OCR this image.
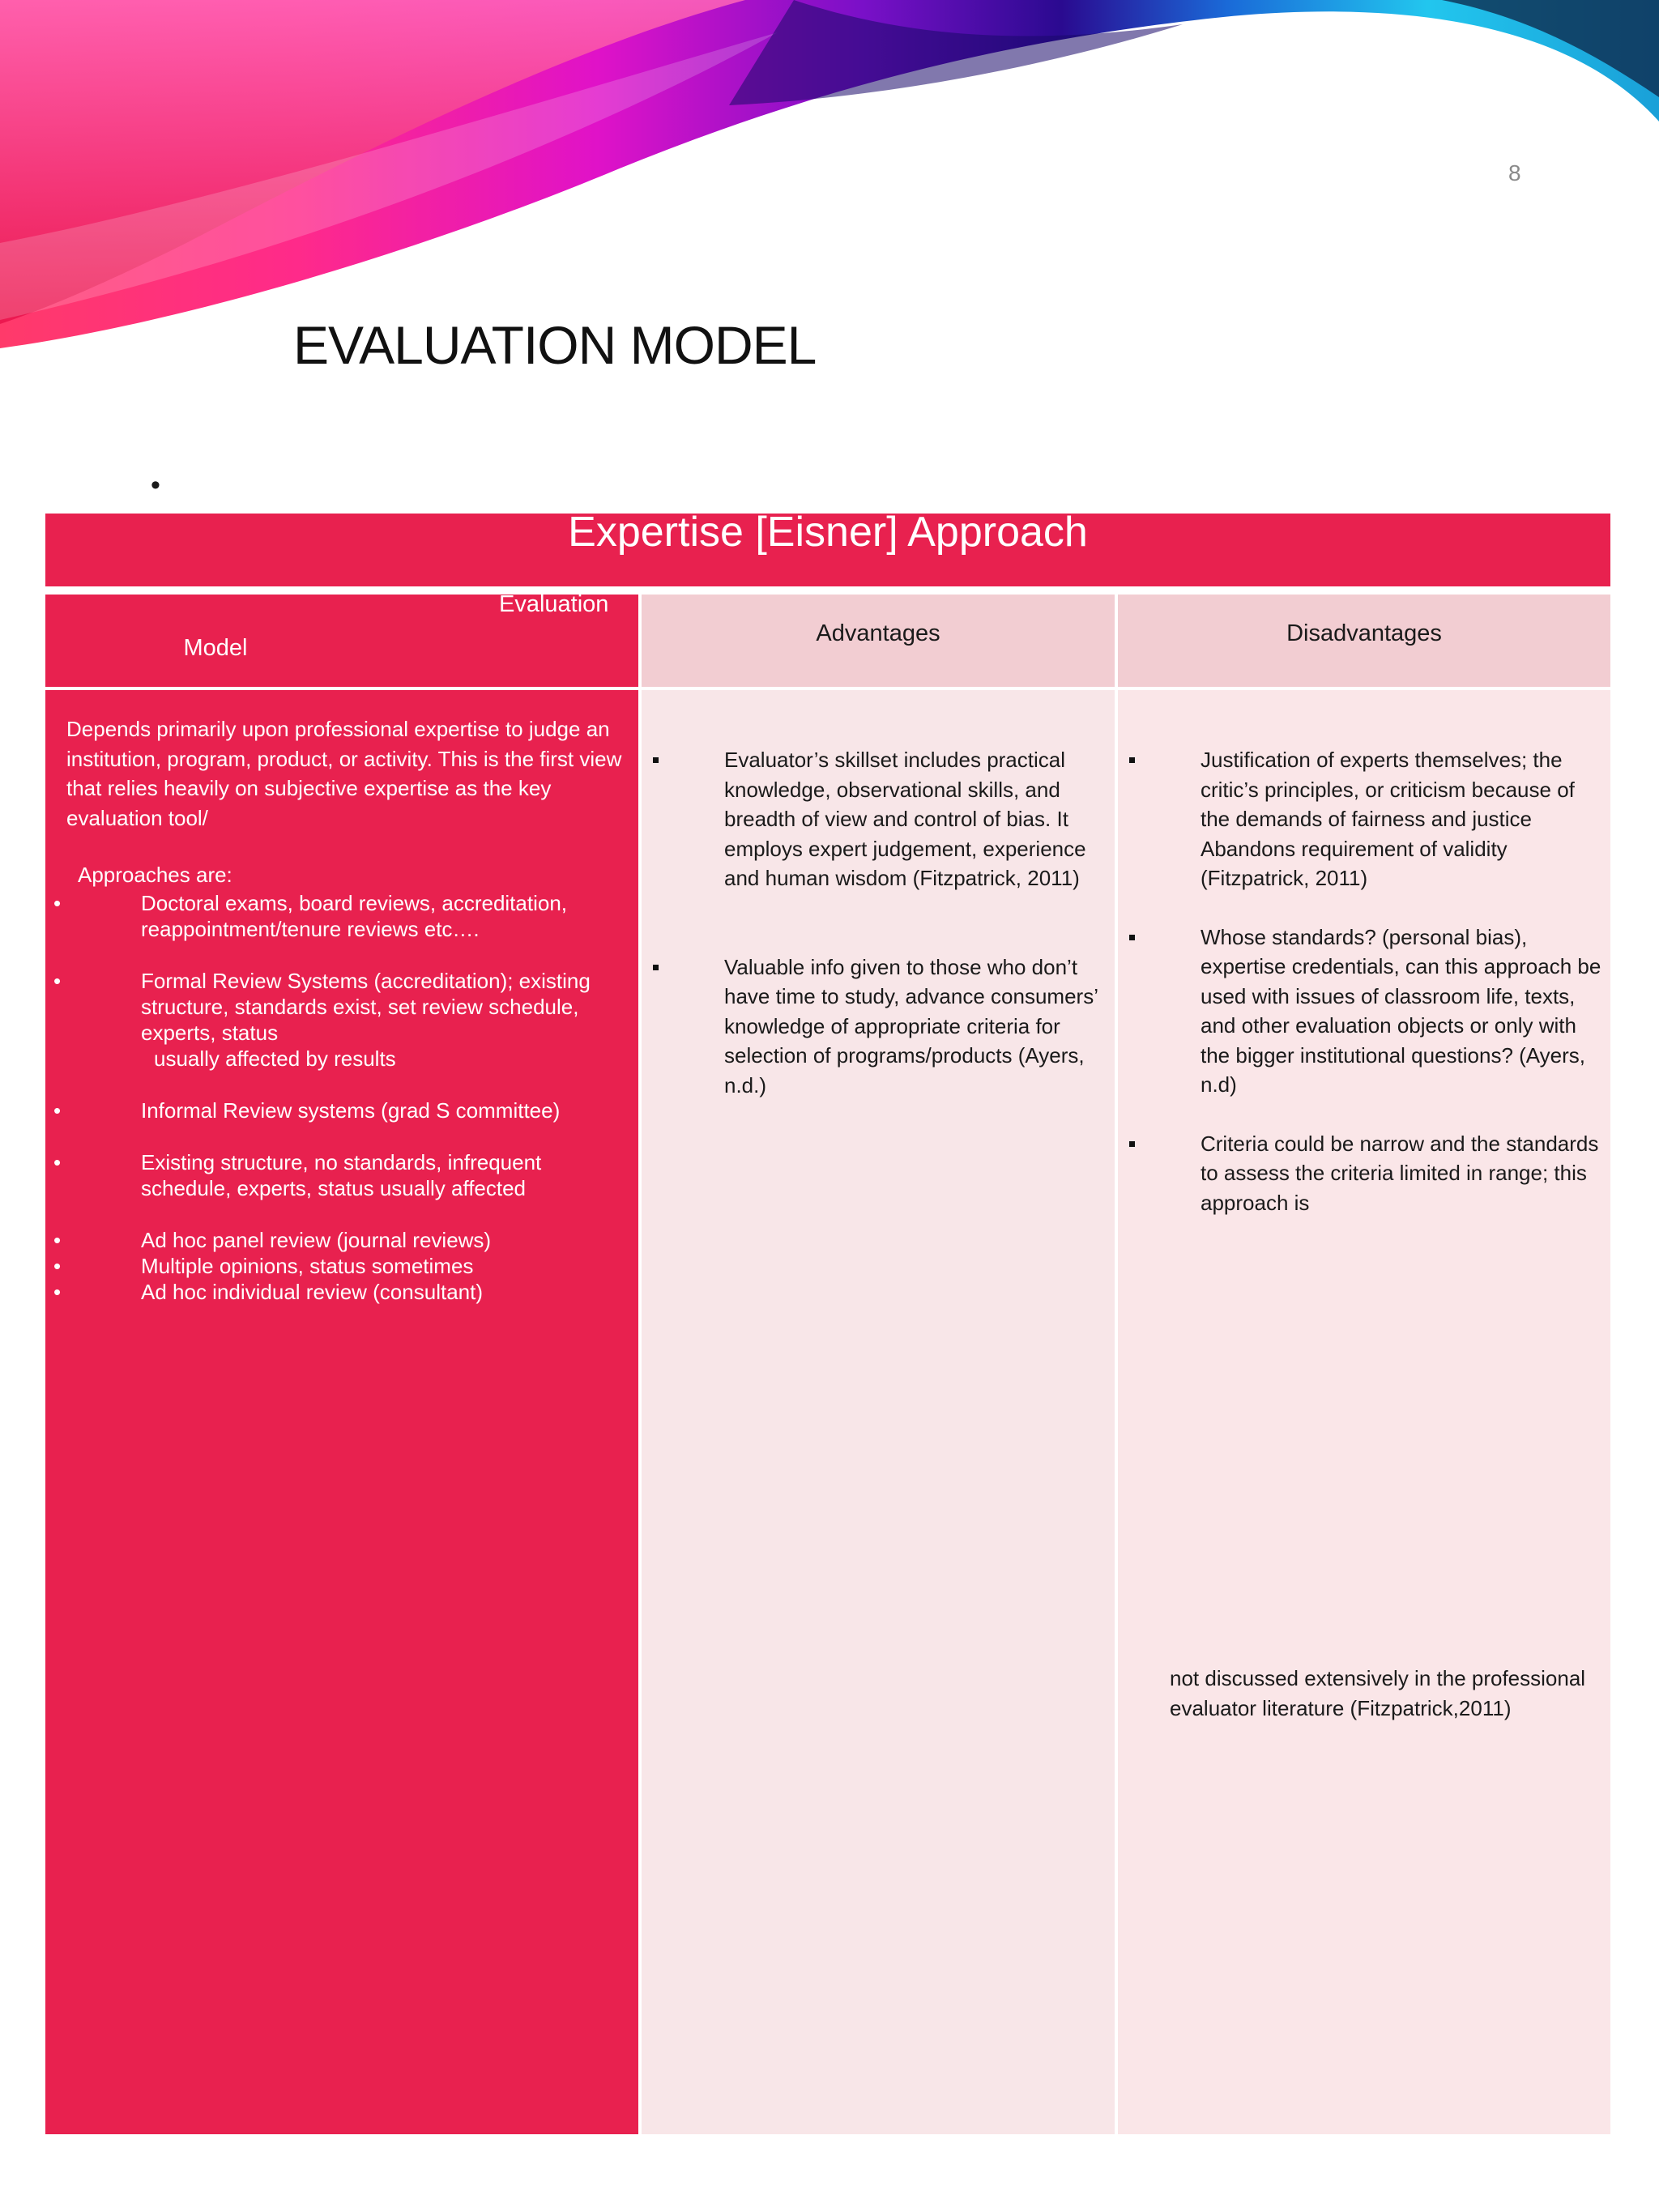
8
EVALUATION MODEL
•
Expertise [Eisner] Approach
Evaluation
Model

Depends primarily upon professional expertise to judge an institution, program, product, or activity. This is the first view that relies heavily on subjective expertise as the key evaluation tool/

Approaches are:

• Doctoral exams, board reviews, accreditation, reappointment/tenure reviews etc….
• Formal Review Systems (accreditation); existing structure, standards exist, set review schedule, experts, status
usually affected by results
• Informal Review systems (grad S committee)
• Existing structure, no standards, infrequent schedule, experts, status usually affected
• Ad hoc panel review (journal reviews)
• Multiple opinions, status sometimes
• Ad hoc individual review (consultant)
Advantages
Evaluator’s skillset includes practical knowledge, observational skills, and breadth of view and control of bias. It employs expert judgement, experience and human wisdom (Fitzpatrick, 2011)
Valuable info given to those who don’t have time to study, advance consumers’ knowledge of appropriate criteria for selection of programs/products (Ayers, n.d.)
Disadvantages
Justification of experts themselves; the critic’s principles, or criticism because of the demands of fairness and justice Abandons requirement of validity (Fitzpatrick, 2011)
Whose standards? (personal bias), expertise credentials, can this approach be used with issues of classroom life, texts, and other evaluation objects or only with the bigger institutional questions? (Ayers, n.d)
Criteria could be narrow and the standards to assess the criteria limited in range; this approach is
not discussed extensively in the professional evaluator literature (Fitzpatrick,2011)
